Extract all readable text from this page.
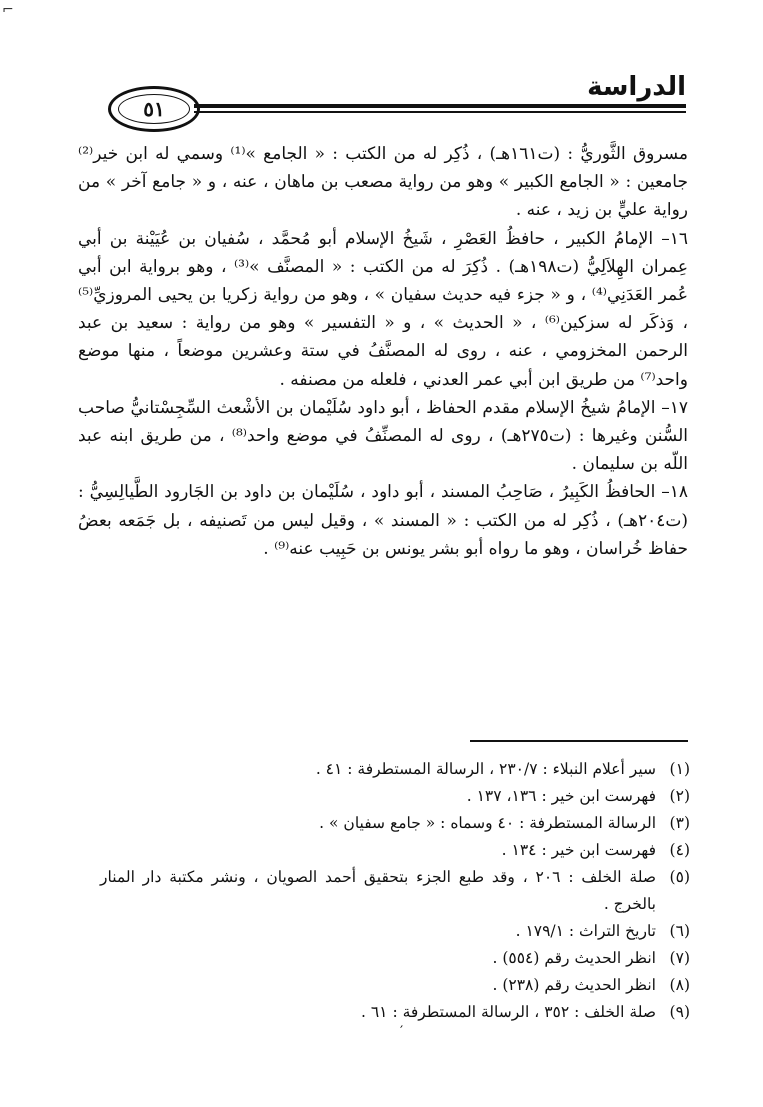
⌐
٥١
الدراسة

مسروق الثَّوريُّ : (ت١٦١هـ) ، ذُكِر له من الكتب : « الجامع »⁽¹⁾ وسمي له ابن خير⁽²⁾ جامعين : « الجامع الكبير » وهو من رواية مصعب بن ماهان ، عنه ، و « جامع آخر » من رواية عليٍّ بن زيد ، عنه .

١٦– الإمامُ الكبير ، حافظُ العَصْرِ ، شَيخُ الإسلام أبو مُحمَّد ، سُفيان بن عُيَيْنة بن أبي عِمران الهِلاَلِيُّ (ت١٩٨هـ) . ذُكِرَ له من الكتب : « المصنَّف »⁽³⁾ ، وهو برواية ابن أبي عُمر العَدَنِي⁽⁴⁾ ، و « جزء فيه حديث سفيان » ، وهو من رواية زكريا بن يحيى المروزيِّ⁽⁵⁾ ، وَذكَر له سزكين⁽⁶⁾ ، « الحديث » ، و « التفسير » وهو من رواية : سعيد بن عبد الرحمن المخزومي ، عنه ، روى له المصنَّفُ في ستة وعشرين موضعاً ، منها موضع واحد⁽⁷⁾ من طريق ابن أبي عمر العدني ، فلعله من مصنفه .

١٧– الإمامُ شيخُ الإسلام مقدم الحفاظ ، أبو داود سُلَيْمان بن الأشْعث السِّجِسْتانيُّ صاحب السُّنن وغيرها : (ت٢٧٥هـ) ، روى له المصنِّفُ في موضع واحد⁽⁸⁾ ، من طريق ابنه عبد اللّه بن سليمان .

١٨– الحافظُ الكَبِيرُ ، صَاحِبُ المسند ، أبو داود ، سُلَيْمان بن داود بن الجَارود الطَّيالِسِيُّ : (ت٢٠٤هـ) ، ذُكِر له من الكتب : « المسند » ، وقيل ليس من تَصنيفه ، بل جَمَعه بعضُ حفاظ خُراسان ، وهو ما رواه أبو بشر يونس بن حَبِيب عنه⁽⁹⁾ .

(١)
سير أعلام النبلاء : ٢٣٠/٧ ، الرسالة المستطرفة : ٤١ .
(٢)
فهرست ابن خير : ١٣٦، ١٣٧ .
(٣)
الرسالة المستطرفة : ٤٠ وسماه : « جامع سفيان » .
(٤)
فهرست ابن خير : ١٣٤ .
(٥)
صلة الخلف : ٢٠٦ ، وقد طبع الجزء بتحقيق أحمد الصويان ، ونشر مكتبة دار المنار بالخرج .
(٦)
تاريخ التراث : ١٧٩/١ .
(٧)
انظر الحديث رقم (٥٥٤) .
(٨)
انظر الحديث رقم (٢٣٨) .
(٩)
صلة الخلف : ٣٥٢ ، الرسالة المستطرفة : ٦١ .
′
